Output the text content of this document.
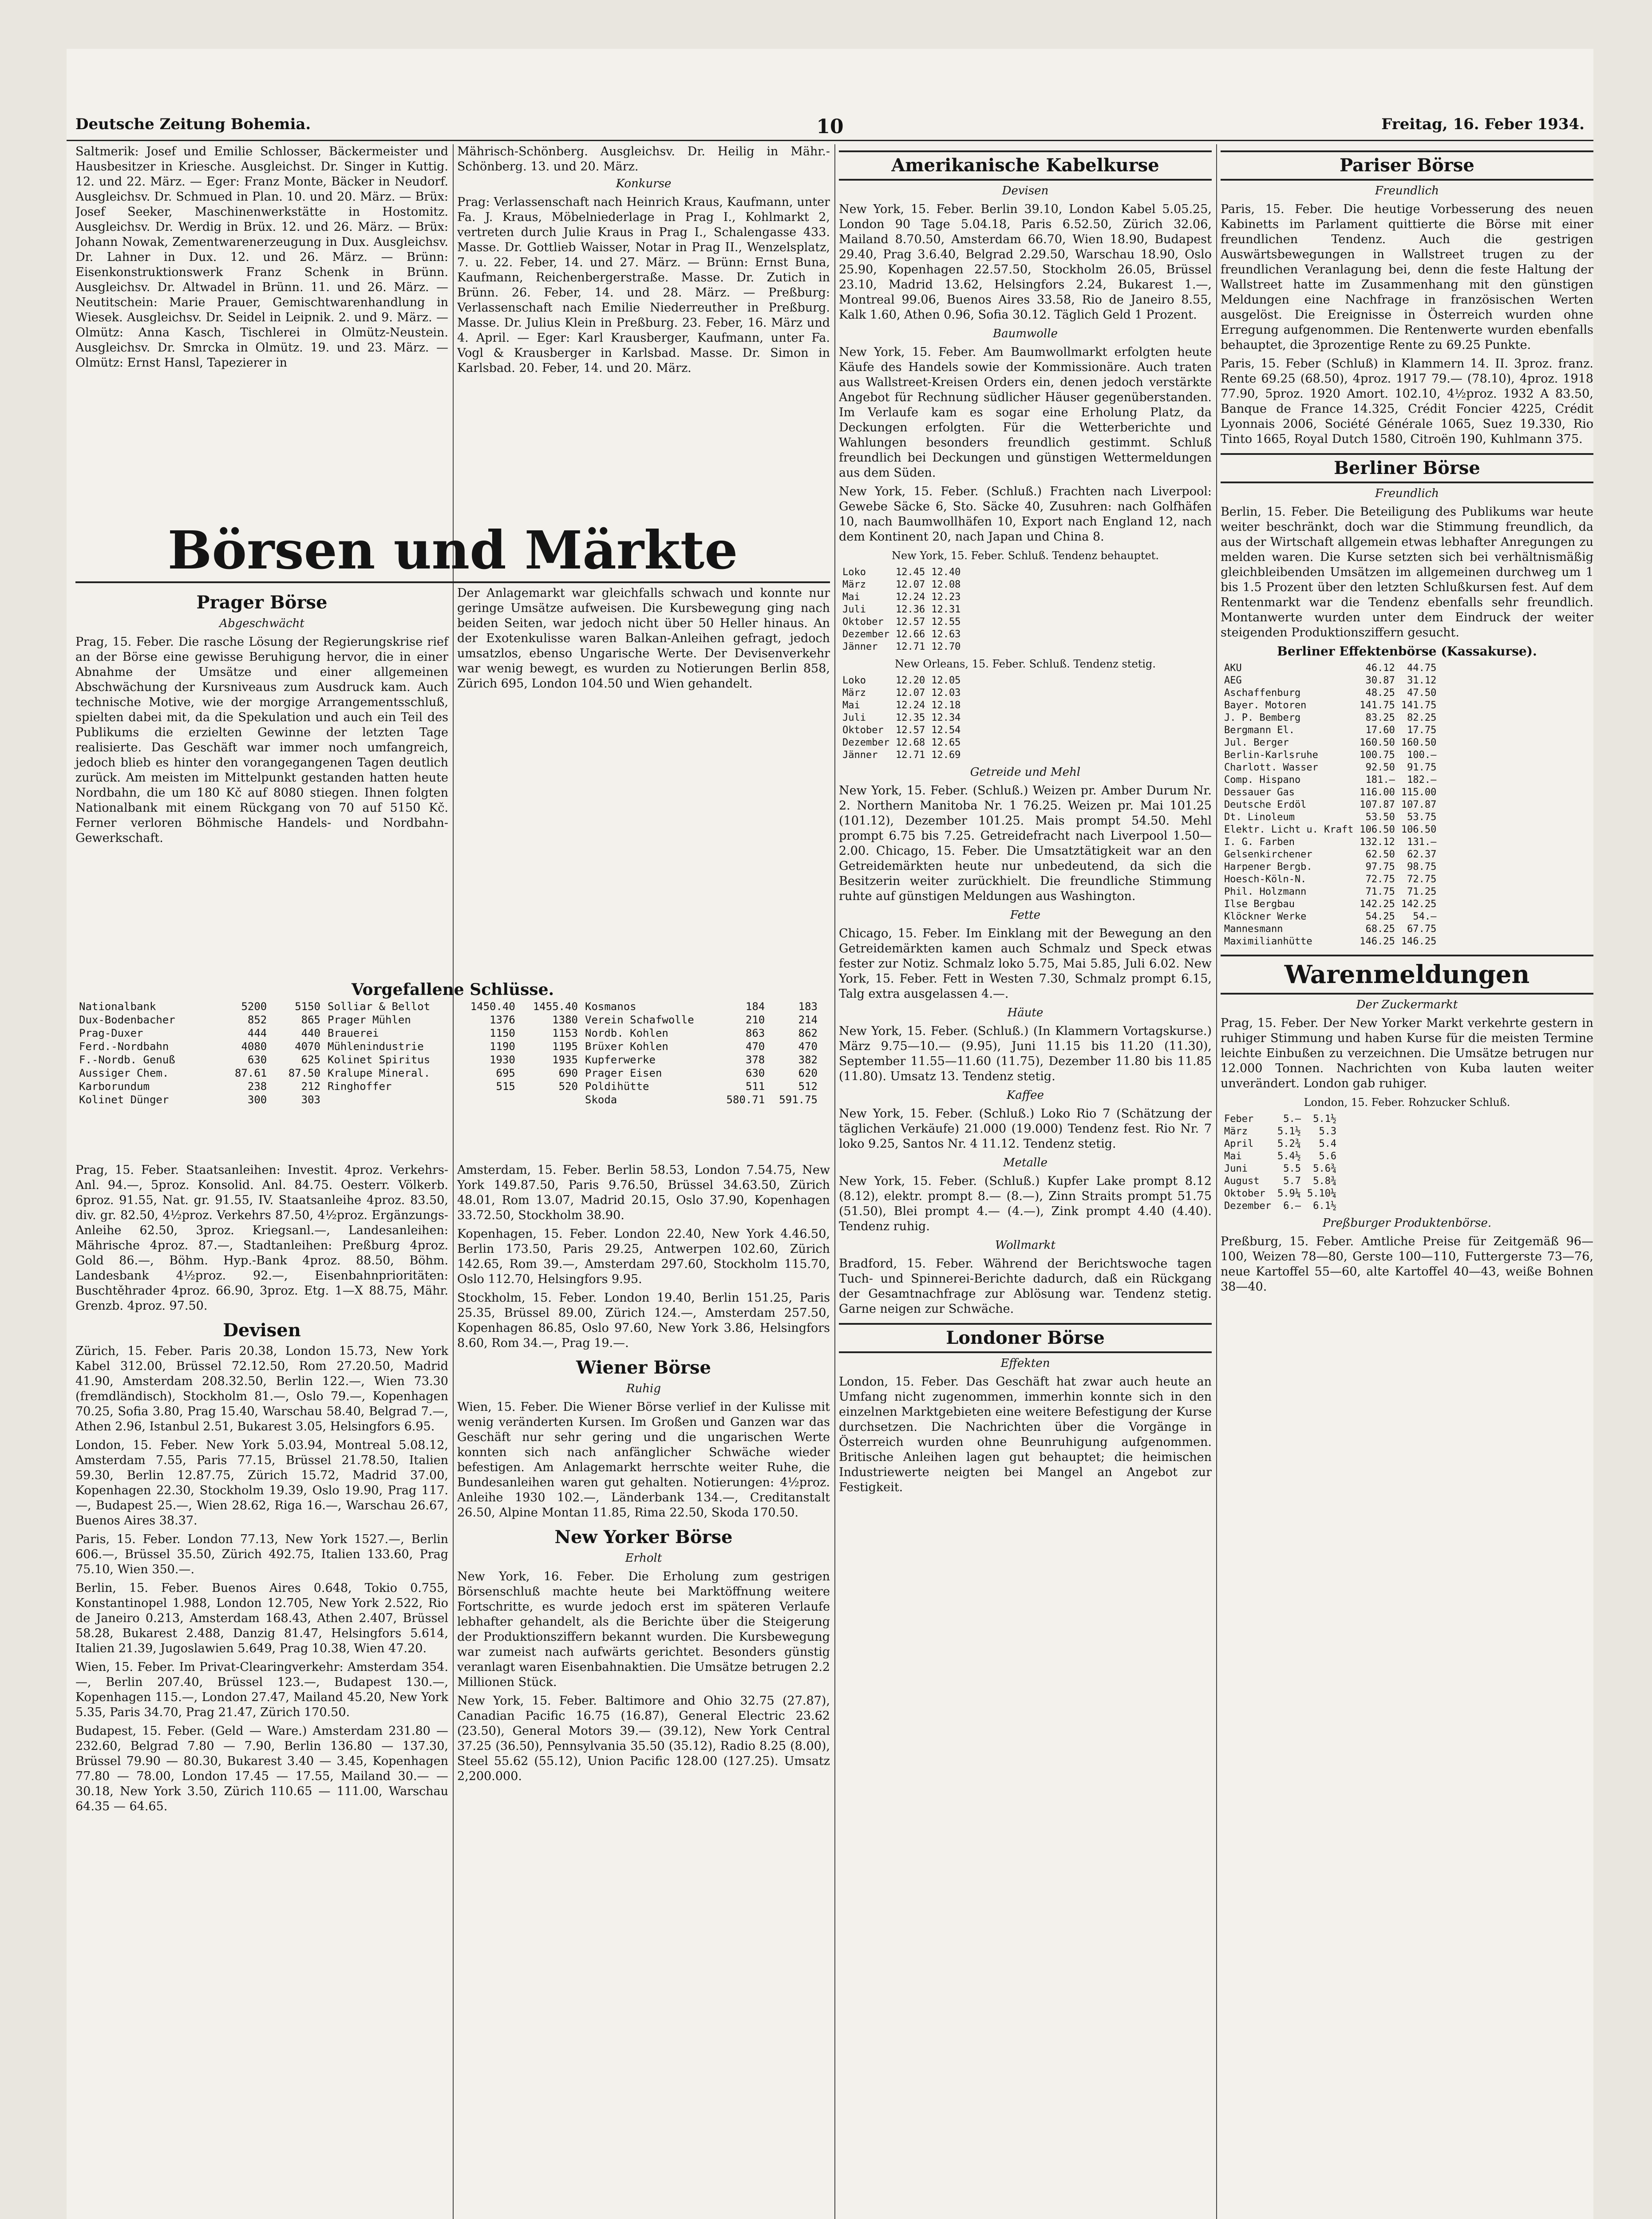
Deutsche Zeitung Bohemia.	10	Freitag, 16. Feber 1934.

Saltmerik: Josef und Emilie Schlosser, Bäckermeister und Hausbesitzer in Kriesche. Ausgleichst. Dr. Singer in Kuttig. 12. und 22. März. — Eger: Franz Monte, Bäcker in Neudorf. Ausgleichsv. Dr. Schmued in Plan. 10. und 20. März. — Brüx: Josef Seeker, Maschinenwerkstätte in Hostomitz. Ausgleichsv. Dr. Werdig in Brüx. 12. und 26. März. — Brüx: Johann Nowak, Zementwarenerzeugung in Dux. Ausgleichsv. Dr. Lahner in Dux. 12. und 26. März. — Brünn: Eisenkonstruktionswerk Franz Schenk in Brünn. Ausgleichsv. Dr. Altwadel in Brünn. 11. und 26. März. — Neutitschein: Marie Prauer, Gemischtwarenhandlung in Wiesek. Ausgleichsv. Dr. Seidel in Leipnik. 2. und 9. März. — Olmütz: Anna Kasch, Tischlerei in Olmütz-Neustein. Ausgleichsv. Dr. Smrcka in Olmütz. 19. und 23. März. — Olmütz: Ernst Hansl, Tapezierer in

Mährisch-Schönberg. Ausgleichsv. Dr. Heilig in Mähr.-Schönberg. 13. und 20. März.

Konkurse

Prag: Verlassenschaft nach Heinrich Kraus, Kaufmann, unter Fa. J. Kraus, Möbelniederlage in Prag I., Kohlmarkt 2, vertreten durch Julie Kraus in Prag I., Schalengasse 433. Masse. Dr. Gottlieb Waisser, Notar in Prag II., Wenzelsplatz, 7. u. 22. Feber, 14. und 27. März. — Brünn: Ernst Buna, Kaufmann, Reichenbergerstraße. Masse. Dr. Zutich in Brünn. 26. Feber, 14. und 28. März. — Preßburg: Verlassenschaft nach Emilie Niederreuther in Preßburg. Masse. Dr. Julius Klein in Preßburg. 23. Feber, 16. März und 4. April. — Eger: Karl Krausberger, Kaufmann, unter Fa. Vogl & Krausberger in Karlsbad. Masse. Dr. Simon in Karlsbad. 20. Feber, 14. und 20. März.

Börsen und Märkte
Prager Börse
Abgeschwächt

Prag, 15. Feber. Die rasche Lösung der Regierungskrise rief an der Börse eine gewisse Beruhigung hervor, die in einer Abnahme der Umsätze und einer allgemeinen Abschwächung der Kursniveaus zum Ausdruck kam. Auch technische Motive, wie der morgige Arrangementsschluß, spielten dabei mit, da die Spekulation und auch ein Teil des Publikums die erzielten Gewinne der letzten Tage realisierte. Das Geschäft war immer noch umfangreich, jedoch blieb es hinter den vorangegangenen Tagen deutlich zurück. Am meisten im Mittelpunkt gestanden hatten heute Nordbahn, die um 180 Kč auf 8080 stiegen. Ihnen folgten Nationalbank mit einem Rückgang von 70 auf 5150 Kč. Ferner verloren Böhmische Handels- und Nordbahn-Gewerkschaft.

Der Anlagemarkt war gleichfalls schwach und konnte nur geringe Umsätze aufweisen. Die Kursbewegung ging nach beiden Seiten, war jedoch nicht über 50 Heller hinaus. An der Exotenkulisse waren Balkan-Anleihen gefragt, jedoch umsatzlos, ebenso Ungarische Werte. Der Devisenverkehr war wenig bewegt, es wurden zu Notierungen Berlin 858, Zürich 695, London 104.50 und Wien gehandelt.

Vorgefallene Schlüsse.
Nationalbank	5200	5150
Dux-Bodenbacher	852	865
Prag-Duxer	444	440
Ferd.-Nordbahn	4080	4070
F.-Nordb. Genuß	630	625
Aussiger Chem.	87.61	87.50
Karborundum	238	212
Kolinet Dünger	300	303
Solliar & Bellot	1450.40	1455.40
Prager Mühlen	1376	1380
Brauerei	1150	1153
Mühlenindustrie	1190	1195
Kolinet Spiritus	1930	1935
Kralupe Mineral.	695	690
Ringhoffer	515	520
Kosmanos	184	183
Verein Schafwolle	210	214
Nordb. Kohlen	863	862
Brüxer Kohlen	470	470
Kupferwerke	378	382
Prager Eisen	630	620
Poldihütte	511	512
Skoda	580.71	591.75

Prag, 15. Feber. Staatsanleihen: Investit. 4proz. Verkehrs-Anl. 94.—, 5proz. Konsolid. Anl. 84.75. Oesterr. Völkerb. 6proz. 91.55, Nat. gr. 91.55, IV. Staatsanleihe 4proz. 83.50, div. gr. 82.50, 4½proz. Verkehrs 87.50, 4½proz. Ergänzungs-Anleihe 62.50, 3proz. Kriegsanl.—, Landesanleihen: Mährische 4proz. 87.—, Stadtanleihen: Preßburg 4proz. Gold 86.—, Böhm. Hyp.-Bank 4proz. 88.50, Böhm. Landesbank 4½proz. 92.—, Eisenbahnprioritäten: Buschtěhrader 4proz. 66.90, 3proz. Etg. 1—X 88.75, Mähr. Grenzb. 4proz. 97.50.

Devisen

Zürich, 15. Feber. Paris 20.38, London 15.73, New York Kabel 312.00, Brüssel 72.12.50, Rom 27.20.50, Madrid 41.90, Amsterdam 208.32.50, Berlin 122.—, Wien 73.30 (fremdländisch), Stockholm 81.—, Oslo 79.—, Kopenhagen 70.25, Sofia 3.80, Prag 15.40, Warschau 58.40, Belgrad 7.—, Athen 2.96, Istanbul 2.51, Bukarest 3.05, Helsingfors 6.95.

London, 15. Feber. New York 5.03.94, Montreal 5.08.12, Amsterdam 7.55, Paris 77.15, Brüssel 21.78.50, Italien 59.30, Berlin 12.87.75, Zürich 15.72, Madrid 37.00, Kopenhagen 22.30, Stockholm 19.39, Oslo 19.90, Prag 117.—, Budapest 25.—, Wien 28.62, Riga 16.—, Warschau 26.67, Buenos Aires 38.37.

Paris, 15. Feber. London 77.13, New York 1527.—, Berlin 606.—, Brüssel 35.50, Zürich 492.75, Italien 133.60, Prag 75.10, Wien 350.—.

Berlin, 15. Feber. Buenos Aires 0.648, Tokio 0.755, Konstantinopel 1.988, London 12.705, New York 2.522, Rio de Janeiro 0.213, Amsterdam 168.43, Athen 2.407, Brüssel 58.28, Bukarest 2.488, Danzig 81.47, Helsingfors 5.614, Italien 21.39, Jugoslawien 5.649, Prag 10.38, Wien 47.20.

Wien, 15. Feber. Im Privat-Clearingverkehr: Amsterdam 354.—, Berlin 207.40, Brüssel 123.—, Budapest 130.—, Kopenhagen 115.—, London 27.47, Mailand 45.20, New York 5.35, Paris 34.70, Prag 21.47, Zürich 170.50.

Budapest, 15. Feber. (Geld — Ware.) Amsterdam 231.80 — 232.60, Belgrad 7.80 — 7.90, Berlin 136.80 — 137.30, Brüssel 79.90 — 80.30, Bukarest 3.40 — 3.45, Kopenhagen 77.80 — 78.00, London 17.45 — 17.55, Mailand 30.— — 30.18, New York 3.50, Zürich 110.65 — 111.00, Warschau 64.35 — 64.65.

Amsterdam, 15. Feber. Berlin 58.53, London 7.54.75, New York 149.87.50, Paris 9.76.50, Brüssel 34.63.50, Zürich 48.01, Rom 13.07, Madrid 20.15, Oslo 37.90, Kopenhagen 33.72.50, Stockholm 38.90.

Kopenhagen, 15. Feber. London 22.40, New York 4.46.50, Berlin 173.50, Paris 29.25, Antwerpen 102.60, Zürich 142.65, Rom 39.—, Amsterdam 297.60, Stockholm 115.70, Oslo 112.70, Helsingfors 9.95.

Stockholm, 15. Feber. London 19.40, Berlin 151.25, Paris 25.35, Brüssel 89.00, Zürich 124.—, Amsterdam 257.50, Kopenhagen 86.85, Oslo 97.60, New York 3.86, Helsingfors 8.60, Rom 34.—, Prag 19.—.

Wiener Börse
Ruhig

Wien, 15. Feber. Die Wiener Börse verlief in der Kulisse mit wenig veränderten Kursen. Im Großen und Ganzen war das Geschäft nur sehr gering und die ungarischen Werte konnten sich nach anfänglicher Schwäche wieder befestigen. Am Anlagemarkt herrschte weiter Ruhe, die Bundesanleihen waren gut gehalten. Notierungen: 4½proz. Anleihe 1930 102.—, Länderbank 134.—, Creditanstalt 26.50, Alpine Montan 11.85, Rima 22.50, Skoda 170.50.

New Yorker Börse
Erholt

New York, 16. Feber. Die Erholung zum gestrigen Börsenschluß machte heute bei Marktöffnung weitere Fortschritte, es wurde jedoch erst im späteren Verlaufe lebhafter gehandelt, als die Berichte über die Steigerung der Produktionsziffern bekannt wurden. Die Kursbewegung war zumeist nach aufwärts gerichtet. Besonders günstig veranlagt waren Eisenbahnaktien. Die Umsätze betrugen 2.2 Millionen Stück.

New York, 15. Feber. Baltimore and Ohio 32.75 (27.87), Canadian Pacific 16.75 (16.87), General Electric 23.62 (23.50), General Motors 39.— (39.12), New York Central 37.25 (36.50), Pennsylvania 35.50 (35.12), Radio 8.25 (8.00), Steel 55.62 (55.12), Union Pacific 128.00 (127.25). Umsatz 2,200.000.

Amerikanische Kabelkurse
Devisen

New York, 15. Feber. Berlin 39.10, London Kabel 5.05.25, London 90 Tage 5.04.18, Paris 6.52.50, Zürich 32.06, Mailand 8.70.50, Amsterdam 66.70, Wien 18.90, Budapest 29.40, Prag 3.6.40, Belgrad 2.29.50, Warschau 18.90, Oslo 25.90, Kopenhagen 22.57.50, Stockholm 26.05, Brüssel 23.10, Madrid 13.62, Helsingfors 2.24, Bukarest 1.—, Montreal 99.06, Buenos Aires 33.58, Rio de Janeiro 8.55, Kalk 1.60, Athen 0.96, Sofia 30.12. Täglich Geld 1 Prozent.

Baumwolle

New York, 15. Feber. Am Baumwollmarkt erfolgten heute Käufe des Handels sowie der Kommissionäre. Auch traten aus Wallstreet-Kreisen Orders ein, denen jedoch verstärkte Angebot für Rechnung südlicher Häuser gegenüberstanden. Im Verlaufe kam es sogar eine Erholung Platz, da Deckungen erfolgten. Für die Wetterberichte und Wahlungen besonders freundlich gestimmt. Schluß freundlich bei Deckungen und günstigen Wettermeldungen aus dem Süden.

New York, 15. Feber. (Schluß.) Frachten nach Liverpool: Gewebe Säcke 6, Sto. Säcke 40, Zusuhren: nach Golfhäfen 10, nach Baumwollhäfen 10, Export nach England 12, nach dem Kontinent 20, nach Japan und China 8.

New York, 15. Feber. Schluß. Tendenz behauptet.
Loko	12.45	12.40
März	12.07	12.08
Mai	12.24	12.23
Juli	12.36	12.31
Oktober	12.57	12.55
Dezember	12.66	12.63
Jänner	12.71	12.70
New Orleans, 15. Feber. Schluß. Tendenz stetig.
Loko	12.20	12.05
März	12.07	12.03
Mai	12.24	12.18
Juli	12.35	12.34
Oktober	12.57	12.54
Dezember	12.68	12.65
Jänner	12.71	12.69
Getreide und Mehl

New York, 15. Feber. (Schluß.) Weizen pr. Amber Durum Nr. 2. Northern Manitoba Nr. 1 76.25. Weizen pr. Mai 101.25 (101.12), Dezember 101.25. Mais prompt 54.50. Mehl prompt 6.75 bis 7.25. Getreidefracht nach Liverpool 1.50—2.00. Chicago, 15. Feber. Die Umsatztätigkeit war an den Getreidemärkten heute nur unbedeutend, da sich die Besitzerin weiter zurückhielt. Die freundliche Stimmung ruhte auf günstigen Meldungen aus Washington.

Fette

Chicago, 15. Feber. Im Einklang mit der Bewegung an den Getreidemärkten kamen auch Schmalz und Speck etwas fester zur Notiz. Schmalz loko 5.75, Mai 5.85, Juli 6.02. New York, 15. Feber. Fett in Westen 7.30, Schmalz prompt 6.15, Talg extra ausgelassen 4.—.

Häute

New York, 15. Feber. (Schluß.) (In Klammern Vortagskurse.) März 9.75—10.— (9.95), Juni 11.15 bis 11.20 (11.30), September 11.55—11.60 (11.75), Dezember 11.80 bis 11.85 (11.80). Umsatz 13. Tendenz stetig.

Kaffee

New York, 15. Feber. (Schluß.) Loko Rio 7 (Schätzung der täglichen Verkäufe) 21.000 (19.000) Tendenz fest. Rio Nr. 7 loko 9.25, Santos Nr. 4 11.12. Tendenz stetig.

Metalle

New York, 15. Feber. (Schluß.) Kupfer Lake prompt 8.12 (8.12), elektr. prompt 8.— (8.—), Zinn Straits prompt 51.75 (51.50), Blei prompt 4.— (4.—), Zink prompt 4.40 (4.40). Tendenz ruhig.

Wollmarkt

Bradford, 15. Feber. Während der Berichtswoche tagen Tuch- und Spinnerei-Berichte dadurch, daß ein Rückgang der Gesamtnachfrage zur Ablösung war. Tendenz stetig. Garne neigen zur Schwäche.

Londoner Börse
Effekten

London, 15. Feber. Das Geschäft hat zwar auch heute an Umfang nicht zugenommen, immerhin konnte sich in den einzelnen Marktgebieten eine weitere Befestigung der Kurse durchsetzen. Die Nachrichten über die Vorgänge in Österreich wurden ohne Beunruhigung aufgenommen. Britische Anleihen lagen gut behauptet; die heimischen Industriewerte neigten bei Mangel an Angebot zur Festigkeit.

Pariser Börse
Freundlich

Paris, 15. Feber. Die heutige Vorbesserung des neuen Kabinetts im Parlament quittierte die Börse mit einer freundlichen Tendenz. Auch die gestrigen Auswärtsbewegungen in Wallstreet trugen zu der freundlichen Veranlagung bei, denn die feste Haltung der Wallstreet hatte im Zusammenhang mit den günstigen Meldungen eine Nachfrage in französischen Werten ausgelöst. Die Ereignisse in Österreich wurden ohne Erregung aufgenommen. Die Rentenwerte wurden ebenfalls behauptet, die 3prozentige Rente zu 69.25 Punkte.

Paris, 15. Feber (Schluß) in Klammern 14. II. 3proz. franz. Rente 69.25 (68.50), 4proz. 1917 79.— (78.10), 4proz. 1918 77.90, 5proz. 1920 Amort. 102.10, 4½proz. 1932 A 83.50, Banque de France 14.325, Crédit Foncier 4225, Crédit Lyonnais 2006, Société Générale 1065, Suez 19.330, Rio Tinto 1665, Royal Dutch 1580, Citroën 190, Kuhlmann 375.

Berliner Börse
Freundlich

Berlin, 15. Feber. Die Beteiligung des Publikums war heute weiter beschränkt, doch war die Stimmung freundlich, da aus der Wirtschaft allgemein etwas lebhafter Anregungen zu melden waren. Die Kurse setzten sich bei verhältnismäßig gleichbleibenden Umsätzen im allgemeinen durchweg um 1 bis 1.5 Prozent über den letzten Schlußkursen fest. Auf dem Rentenmarkt war die Tendenz ebenfalls sehr freundlich. Montanwerte wurden unter dem Eindruck der weiter steigenden Produktionsziffern gesucht.

Berliner Effektenbörse (Kassakurse).
AKU	46.12	44.75
AEG	30.87	31.12
Aschaffenburg	48.25	47.50
Bayer. Motoren	141.75	141.75
J. P. Bemberg	83.25	82.25
Bergmann El.	17.60	17.75
Jul. Berger	160.50	160.50
Berlin-Karlsruhe	100.75	100.—
Charlott. Wasser	92.50	91.75
Comp. Hispano	181.—	182.—
Dessauer Gas	116.00	115.00
Deutsche Erdöl	107.87	107.87
Dt. Linoleum	53.50	53.75
Elektr. Licht u. Kraft	106.50	106.50
I. G. Farben	132.12	131.—
Gelsenkirchener	62.50	62.37
Harpener Bergb.	97.75	98.75
Hoesch-Köln-N.	72.75	72.75
Phil. Holzmann	71.75	71.25
Ilse Bergbau	142.25	142.25
Klöckner Werke	54.25	54.—
Mannesmann	68.25	67.75
Maximilianhütte	146.25	146.25
Warenmeldungen
Der Zuckermarkt

Prag, 15. Feber. Der New Yorker Markt verkehrte gestern in ruhiger Stimmung und haben Kurse für die meisten Termine leichte Einbußen zu verzeichnen. Die Umsätze betrugen nur 12.000 Tonnen. Nachrichten von Kuba lauten weiter unverändert. London gab ruhiger.

London, 15. Feber. Rohzucker Schluß.
Feber	5.—	5.1½
März	5.1½	5.3
April	5.2¾	5.4
Mai	5.4½	5.6
Juni	5.5	5.6¾
August	5.7	5.8¾
Oktober	5.9¼	5.10¼
Dezember	6.—	6.1½
Preßburger Produktenbörse.

Preßburg, 15. Feber. Amtliche Preise für Zeitgemäß 96—100, Weizen 78—80, Gerste 100—110, Futtergerste 73—76, neue Kartoffel 55—60, alte Kartoffel 40—43, weiße Bohnen 38—40.
